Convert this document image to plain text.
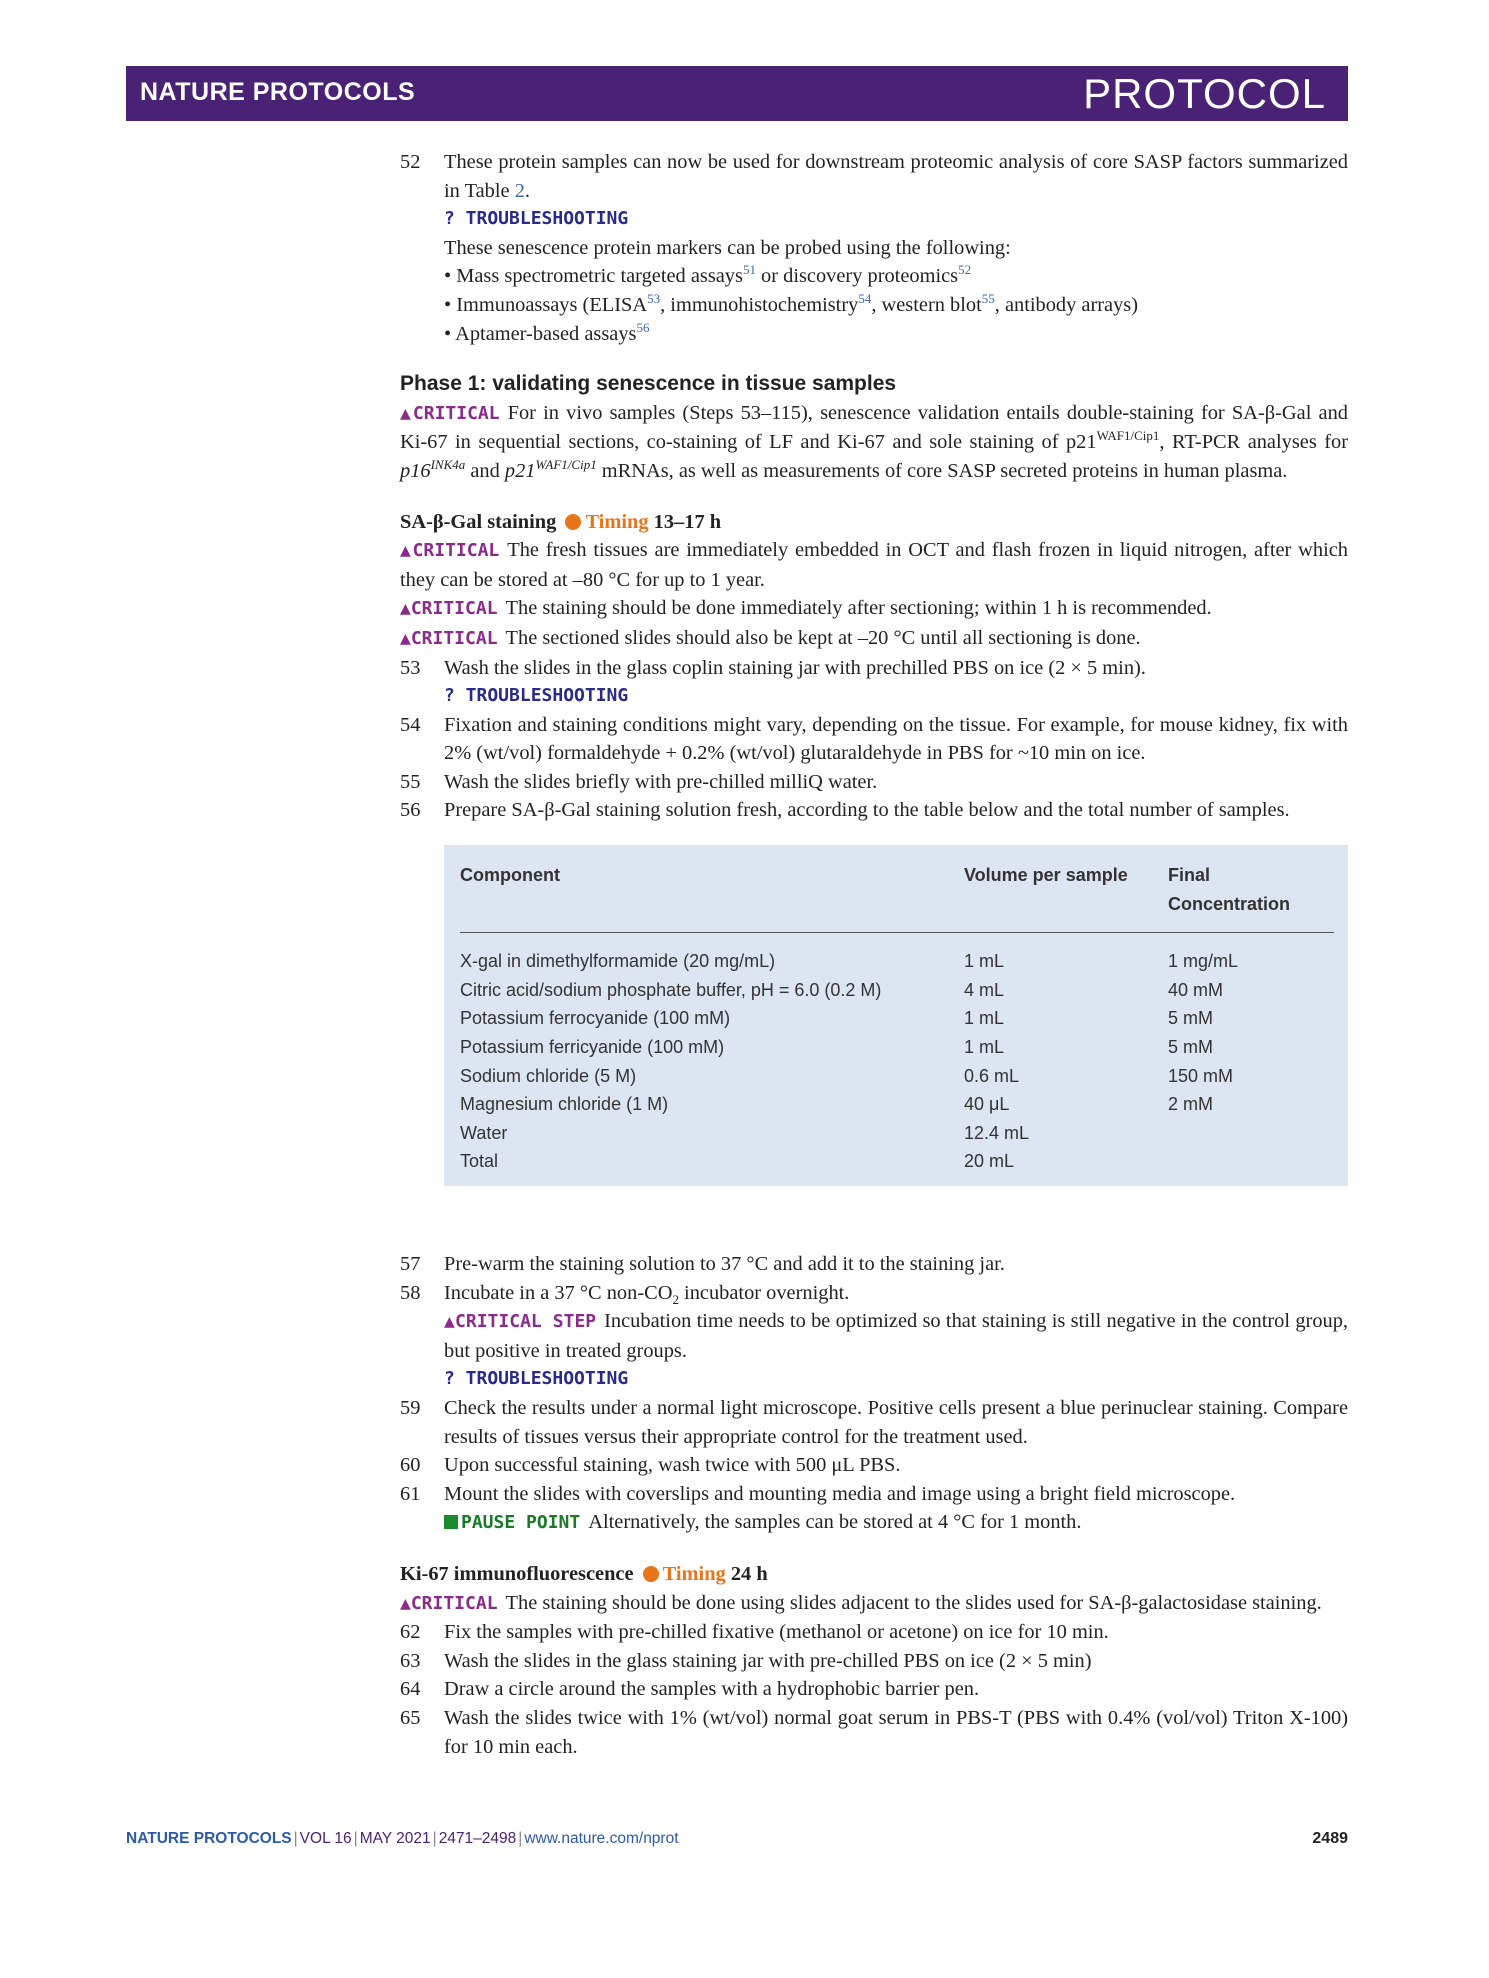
NATURE PROTOCOLS	PROTOCOL
52	These protein samples can now be used for downstream proteomic analysis of core SASP factors summarized in Table 2.
? TROUBLESHOOTING
These senescence protein markers can be probed using the following:
• Mass spectrometric targeted assays$^{51}$ or discovery proteomics$^{52}$
• Immunoassays (ELISA$^{53}$, immunohistochemistry$^{54}$, western blot$^{55}$, antibody arrays)
• Aptamer-based assays$^{56}$
Phase 1: validating senescence in tissue samples
▲CRITICAL For in vivo samples (Steps 53–115), senescence validation entails double-staining for SA-β-Gal and Ki-67 in sequential sections, co-staining of LF and Ki-67 and sole staining of $p21^{WAF1/Cip1}$, RT-PCR analyses for $p16^{INK4a}$ and $p21^{WAF1/Cip1}$ mRNAs, as well as measurements of core SASP secreted proteins in human plasma.
SA-β-Gal staining Timing 13–17 h
▲CRITICAL The fresh tissues are immediately embedded in OCT and flash frozen in liquid nitrogen, after which they can be stored at –80 °C for up to 1 year.
▲CRITICAL The staining should be done immediately after sectioning; within 1 h is recommended.
▲CRITICAL The sectioned slides should also be kept at –20 °C until all sectioning is done.
53	Wash the slides in the glass coplin staining jar with prechilled PBS on ice (2 × 5 min).
? TROUBLESHOOTING
54	Fixation and staining conditions might vary, depending on the tissue. For example, for mouse kidney, fix with 2% (wt/vol) formaldehyde + 0.2% (wt/vol) glutaraldehyde in PBS for ~10 min on ice.
55	Wash the slides briefly with pre-chilled milliQ water.
56	Prepare SA-β-Gal staining solution fresh, according to the table below and the total number of samples.
Component	Volume per sample	Final Concentration
X-gal in dimethylformamide (20 mg/mL)	1 mL	1 mg/mL
Citric acid/sodium phosphate buffer, pH = 6.0 (0.2 M)	4 mL	40 mM
Potassium ferrocyanide (100 mM)	1 mL	5 mM
Potassium ferricyanide (100 mM)	1 mL	5 mM
Sodium chloride (5 M)	0.6 mL	150 mM
Magnesium chloride (1 M)	40 μL	2 mM
Water	12.4 mL
Total	20 mL
57	Pre-warm the staining solution to 37 °C and add it to the staining jar.
58	Incubate in a 37 °C non-$CO_2$ incubator overnight.
▲CRITICAL STEP Incubation time needs to be optimized so that staining is still negative in the control group, but positive in treated groups.
? TROUBLESHOOTING
59	Check the results under a normal light microscope. Positive cells present a blue perinuclear staining. Compare results of tissues versus their appropriate control for the treatment used.
60	Upon successful staining, wash twice with 500 μL PBS.
61	Mount the slides with coverslips and mounting media and image using a bright field microscope.
PAUSE POINT Alternatively, the samples can be stored at 4 °C for 1 month.
Ki-67 immunofluorescence Timing 24 h
▲CRITICAL The staining should be done using slides adjacent to the slides used for SA-β-galactosidase staining.
62	Fix the samples with pre-chilled fixative (methanol or acetone) on ice for 10 min.
63	Wash the slides in the glass staining jar with pre-chilled PBS on ice (2 × 5 min)
64	Draw a circle around the samples with a hydrophobic barrier pen.
65	Wash the slides twice with 1% (wt/vol) normal goat serum in PBS-T (PBS with 0.4% (vol/vol) Triton X-100) for 10 min each.
NATURE PROTOCOLS | VOL 16 | MAY 2021 | 2471–2498 | www.nature.com/nprot	2489
